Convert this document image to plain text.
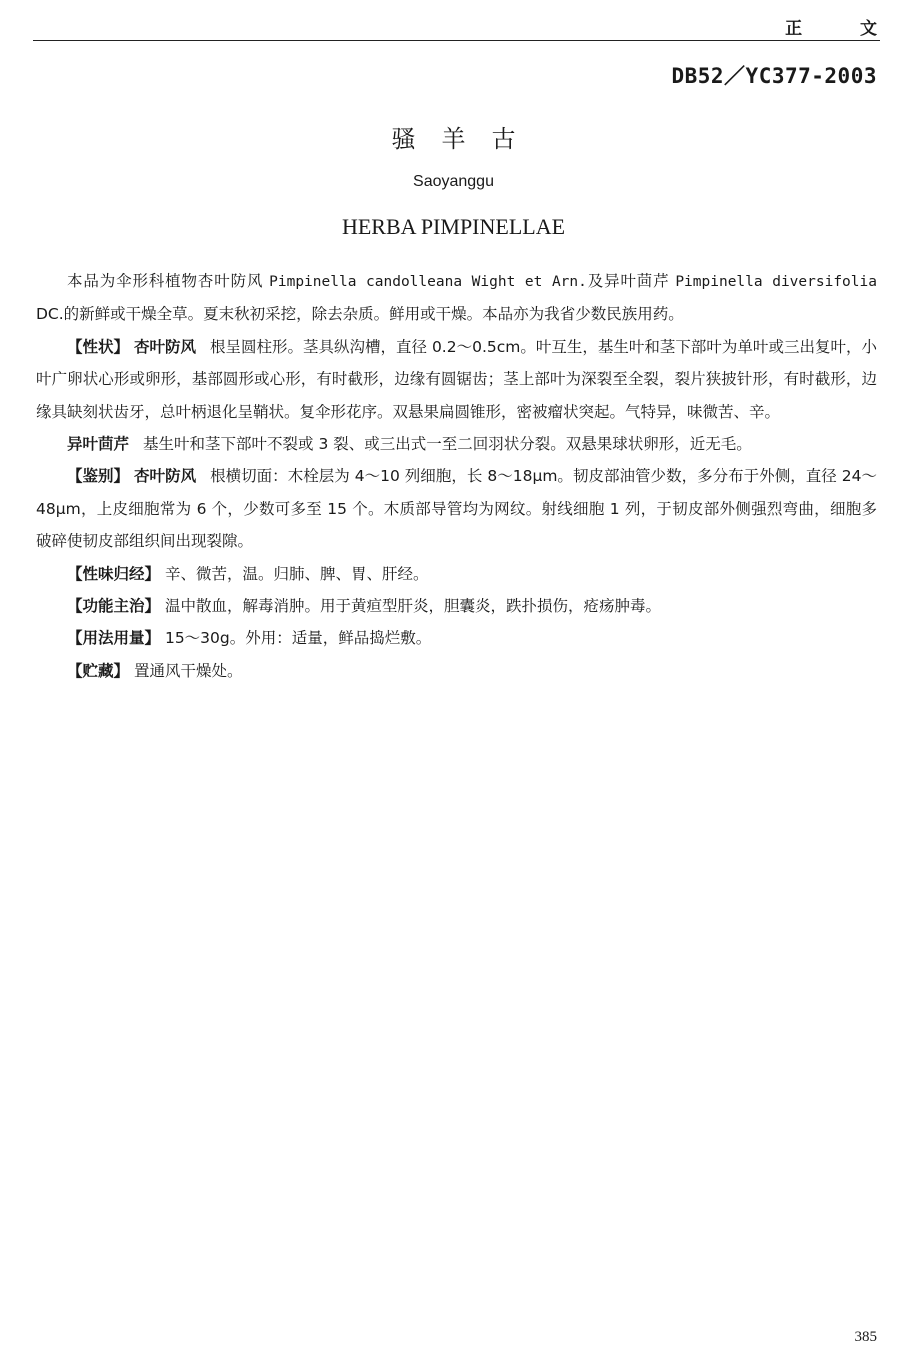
正 文
DB52／YC377-2003
骚羊古
Saoyanggu
HERBA PIMPINELLAE

本品为伞形科植物杏叶防风 Pimpinella candolleana Wight et Arn.及异叶茴芹 Pimpinella diversifolia DC.的新鲜或干燥全草。夏末秋初采挖，除去杂质。鲜用或干燥。本品亦为我省少数民族用药。

【性状】 杏叶防风 根呈圆柱形。茎具纵沟槽，直径 0.2～0.5cm。叶互生，基生叶和茎下部叶为单叶或三出复叶，小叶广卵状心形或卵形，基部圆形或心形，有时截形，边缘有圆锯齿；茎上部叶为深裂至全裂，裂片狭披针形，有时截形，边缘具缺刻状齿牙，总叶柄退化呈鞘状。复伞形花序。双悬果扁圆锥形，密被瘤状突起。气特异，味微苦、辛。

异叶茴芹 基生叶和茎下部叶不裂或 3 裂、或三出式一至二回羽状分裂。双悬果球状卵形，近无毛。

【鉴别】 杏叶防风 根横切面：木栓层为 4～10 列细胞，长 8～18μm。韧皮部油管少数，多分布于外侧，直径 24～48μm，上皮细胞常为 6 个，少数可多至 15 个。木质部导管均为网纹。射线细胞 1 列，于韧皮部外侧强烈弯曲，细胞多破碎使韧皮部组织间出现裂隙。

【性味归经】 辛、微苦，温。归肺、脾、胃、肝经。

【功能主治】 温中散血，解毒消肿。用于黄疸型肝炎，胆囊炎，跌扑损伤，疮疡肿毒。

【用法用量】 15～30g。外用：适量，鲜品捣烂敷。

【贮藏】 置通风干燥处。

385
